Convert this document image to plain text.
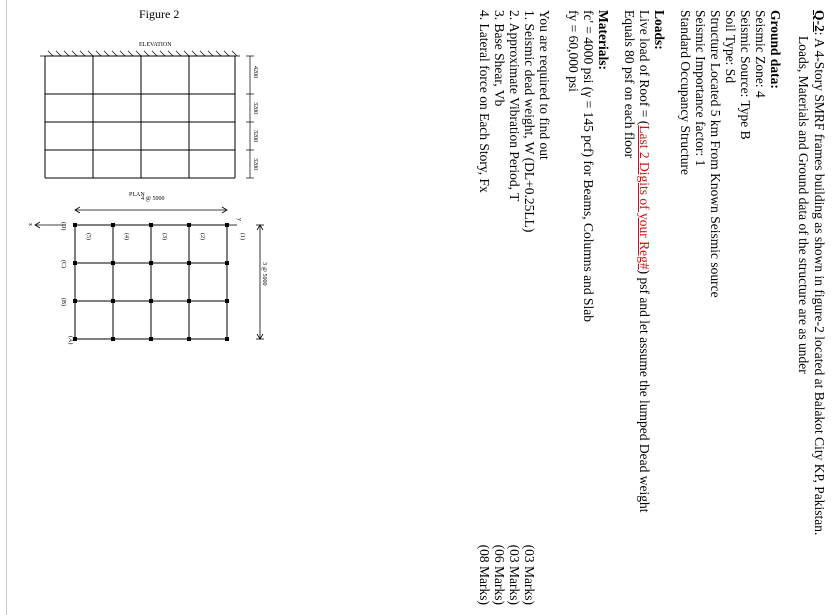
Q-2: A 4-Story SMRF frames building as shown in figure-2 located at Balakot City KP, Pakistan.
Loads, Materials and Ground data of the structure are as under
Ground data:
Seismic Zone: 4
Seismic Source: Type B
Soil Type: Sd
Structure Located 5 km From Known Seismic source
Seismic Importance factor: 1
Standard Occupancy Structure
Loads:
Live load of Roof = (Last 2 Digits of your Reg#) psf and let assume the lumped Dead weight
Equals 80 psf on each floor
Materials:
fc' = 4000 psi (γ = 145 pcf) for Beams, Columns and Slab
fy = 60,000 psi
You are required to find out
1. Seismic dead weight, W (DL+0.25LL)
(03 Marks)
2. Approximate Vibration Period, T
(03 Marks)
3. Base Shear, Vb
(06 Marks)
4. Lateral force on Each Story, Fx
(08 Marks)
3 @ 5000
4 @ 5000
PLAN
x
y
(1)
(2)
(3)
(4)
(5)
(A)
(B)
(C)
(D)
3200
3200
3200
4200
ELEVATION
Figure 2
